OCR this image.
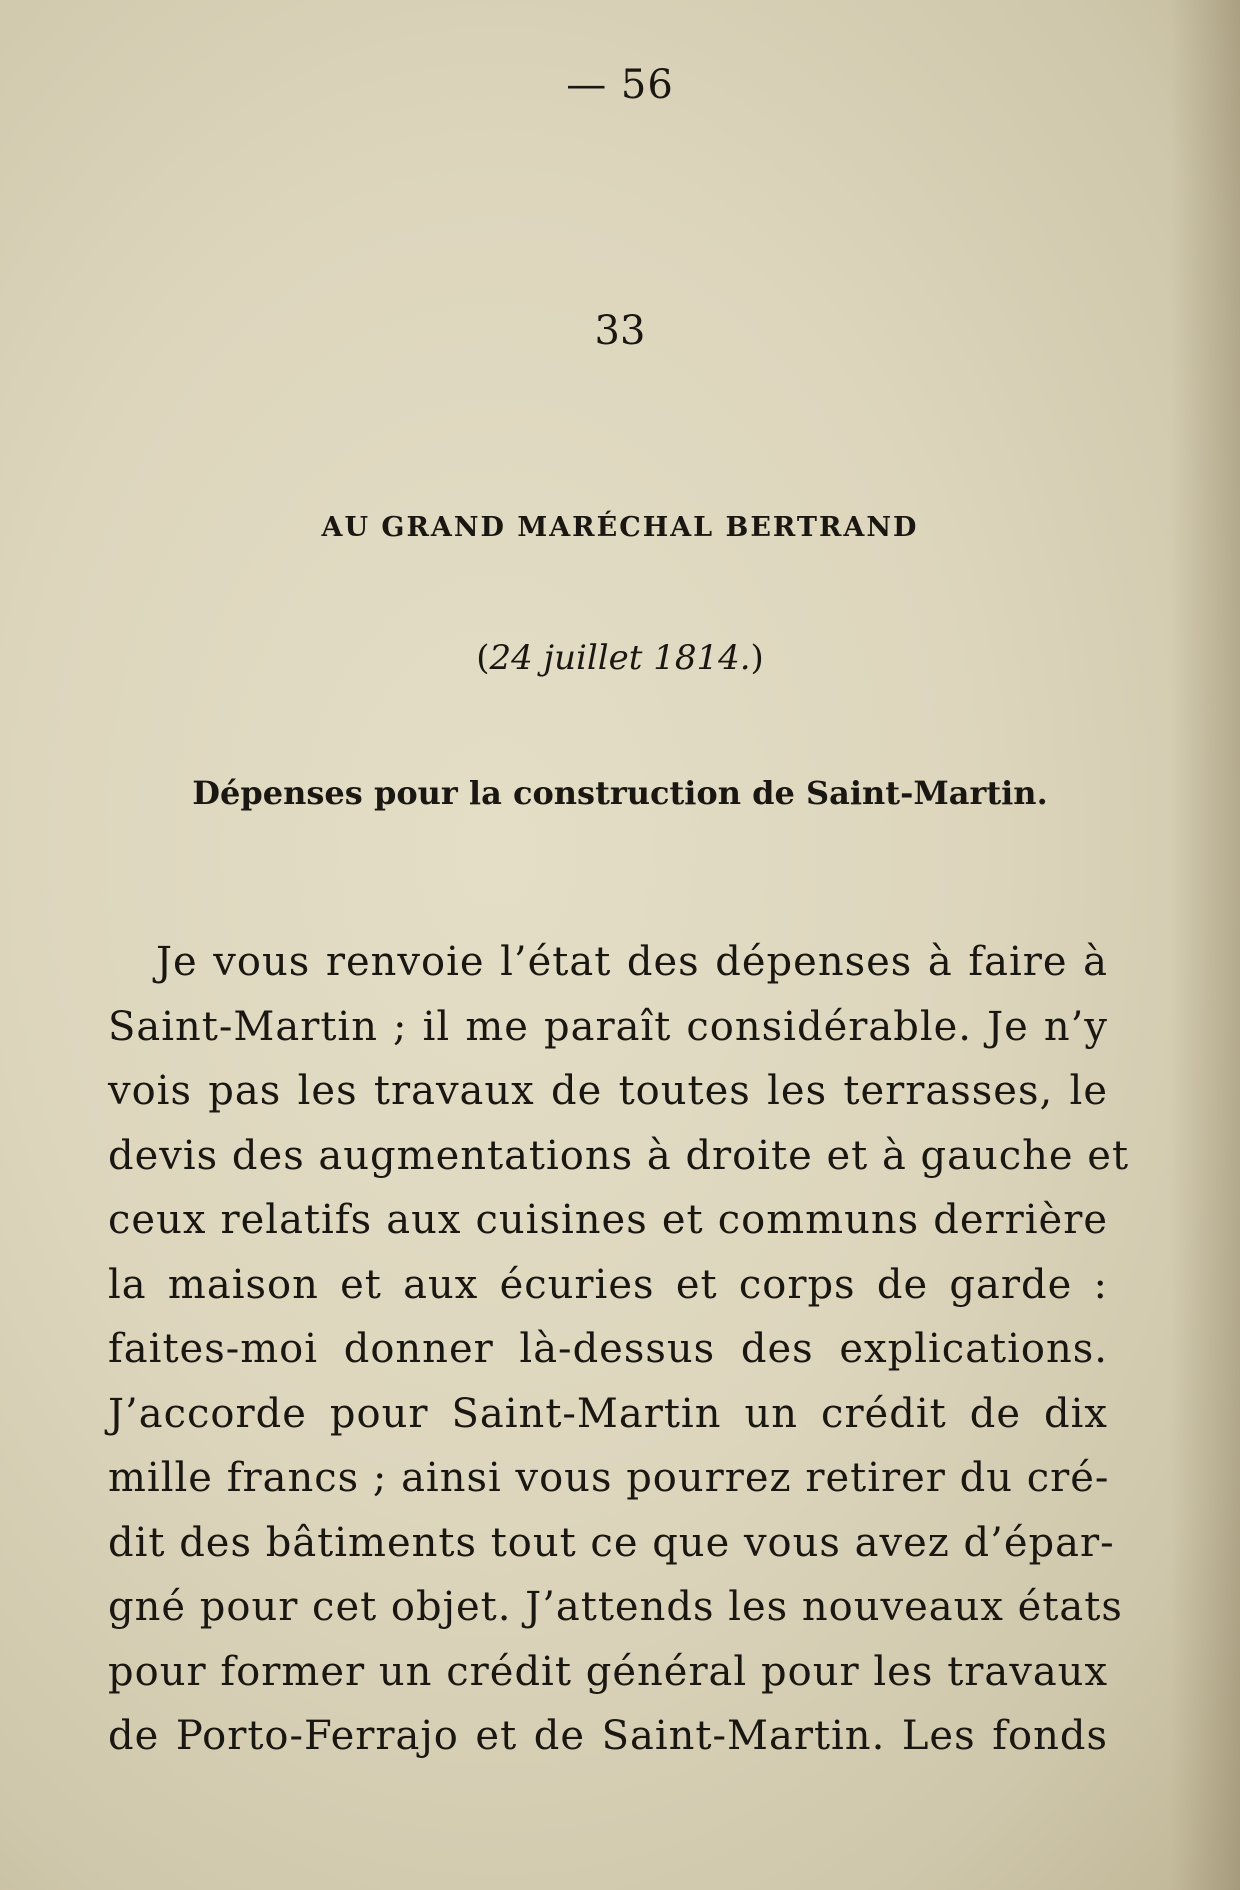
— 56
33
AU GRAND MARÉCHAL BERTRAND
(24 juillet 1814.)
Dépenses pour la construction de Saint-Martin.
Je vous renvoie l’état des dépenses à faire à
Saint-Martin ; il me paraît considérable. Je n’y
vois pas les travaux de toutes les terrasses, le
devis des augmentations à droite et à gauche et
ceux relatifs aux cuisines et communs derrière
la maison et aux écuries et corps de garde :
faites-moi donner là-dessus des explications.
J’accorde pour Saint-Martin un crédit de dix
mille francs ; ainsi vous pourrez retirer du cré-
dit des bâtiments tout ce que vous avez d’épar-
gné pour cet objet. J’attends les nouveaux états
pour former un crédit général pour les travaux
de Porto-Ferrajo et de Saint-Martin. Les fonds
